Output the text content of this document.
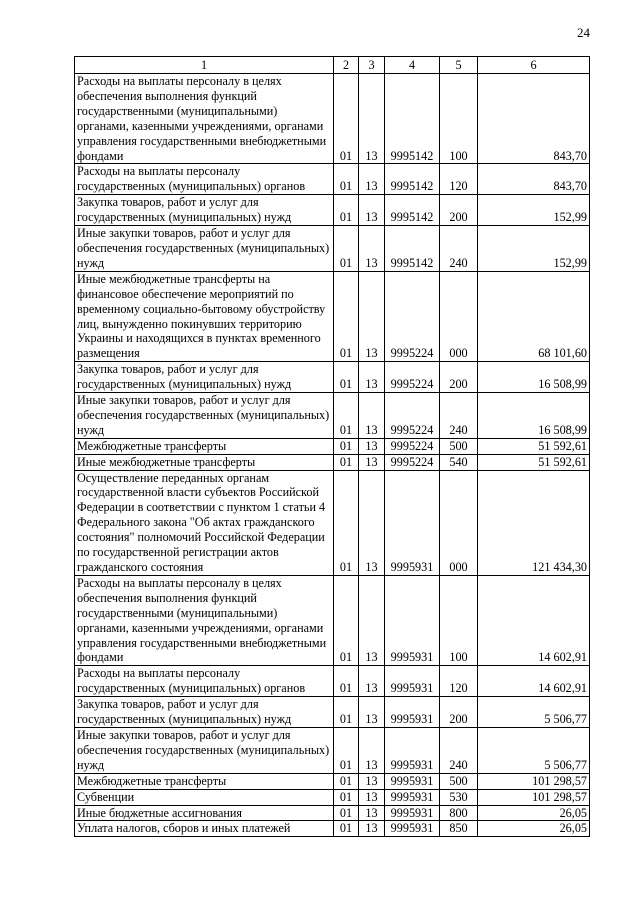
24
1	2	3	4	5	6
Расходы на выплаты персоналу в целях обеспечения выполнения функций государственными (муниципальными) органами, казенными учреждениями, органами управления государственными внебюджетными фондами	01	13	9995142	100	843,70
Расходы на выплаты персоналу государственных (муниципальных) органов	01	13	9995142	120	843,70
Закупка товаров, работ и услуг для государственных (муниципальных) нужд	01	13	9995142	200	152,99
Иные закупки товаров, работ и услуг для обеспечения государственных (муниципальных) нужд	01	13	9995142	240	152,99
Иные межбюджетные трансферты на финансовое обеспечение мероприятий по временному социально-бытовому обустройству лиц, вынужденно покинувших территорию Украины и находящихся в пунктах временного размещения	01	13	9995224	000	68 101,60
Закупка товаров, работ и услуг для государственных (муниципальных) нужд	01	13	9995224	200	16 508,99
Иные закупки товаров, работ и услуг для обеспечения государственных (муниципальных) нужд	01	13	9995224	240	16 508,99
Межбюджетные трансферты	01	13	9995224	500	51 592,61
Иные межбюджетные трансферты	01	13	9995224	540	51 592,61
Осуществление переданных органам государственной власти субъектов Российской Федерации в соответствии с пунктом 1 статьи 4 Федерального закона "Об актах гражданского состояния" полномочий Российской Федерации по государственной регистрации актов гражданского состояния	01	13	9995931	000	121 434,30
Расходы на выплаты персоналу в целях обеспечения выполнения функций государственными (муниципальными) органами, казенными учреждениями, органами управления государственными внебюджетными фондами	01	13	9995931	100	14 602,91
Расходы на выплаты персоналу государственных (муниципальных) органов	01	13	9995931	120	14 602,91
Закупка товаров, работ и услуг для государственных (муниципальных) нужд	01	13	9995931	200	5 506,77
Иные закупки товаров, работ и услуг для обеспечения государственных (муниципальных) нужд	01	13	9995931	240	5 506,77
Межбюджетные трансферты	01	13	9995931	500	101 298,57
Субвенции	01	13	9995931	530	101 298,57
Иные бюджетные ассигнования	01	13	9995931	800	26,05
Уплата налогов, сборов и иных платежей	01	13	9995931	850	26,05
